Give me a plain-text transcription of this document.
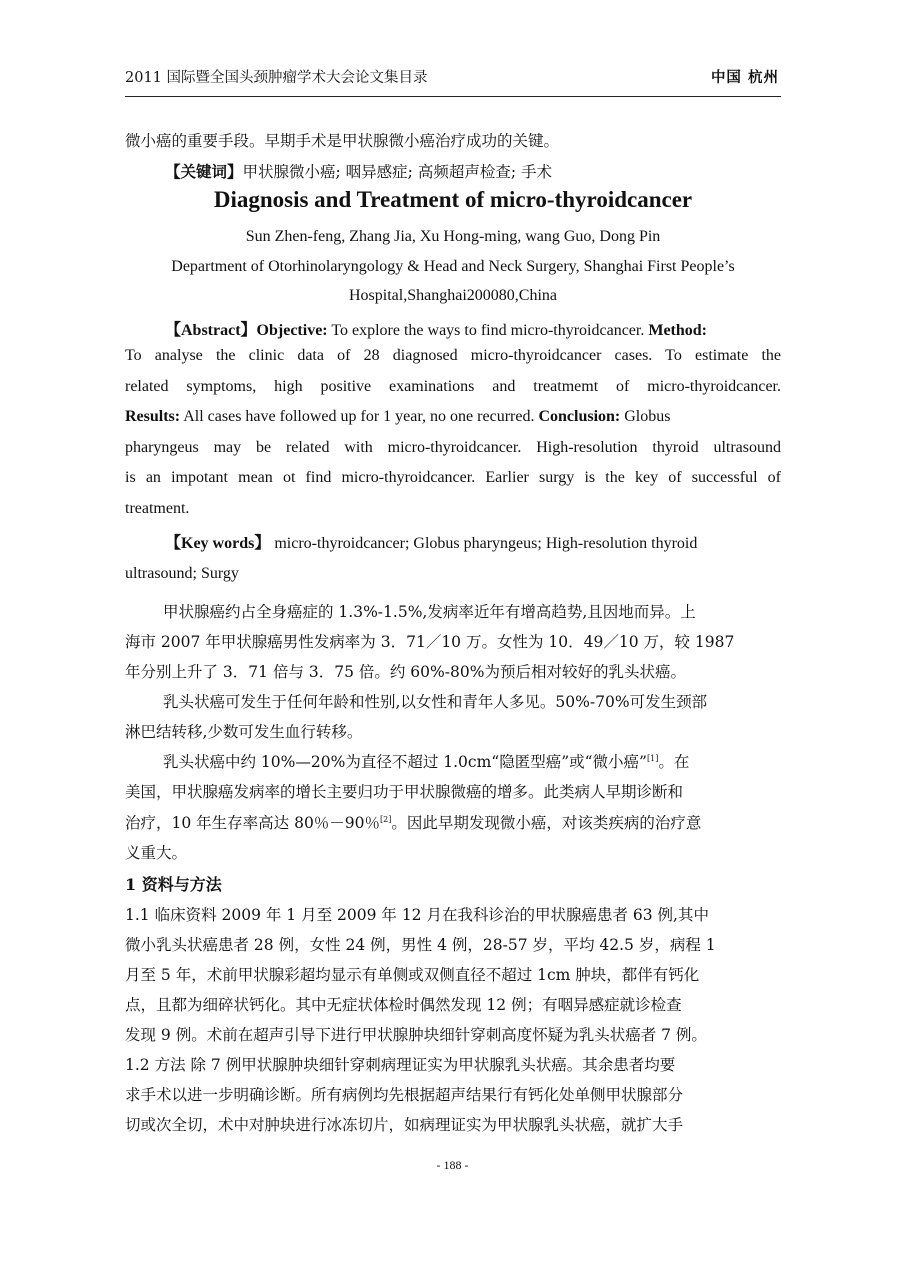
2011 国际暨全国头颈肿瘤学术大会论文集目录	中国 杭州
微小癌的重要手段。早期手术是甲状腺微小癌治疗成功的关键。
【关键词】甲状腺微小癌; 咽异感症; 高频超声检查; 手术
Diagnosis and Treatment of micro-thyroidcancer
Sun Zhen-feng, Zhang Jia, Xu Hong-ming, wang Guo, Dong Pin
Department of Otorhinolaryngology & Head and Neck Surgery, Shanghai First People’s
Hospital,Shanghai200080,China
【Abstract】Objective: To explore the ways to find micro-thyroidcancer. Method:
To analyse the clinic data of 28 diagnosed micro-thyroidcancer cases. To estimate the
related symptoms, high positive examinations and treatmemt of micro-thyroidcancer.
Results: All cases have followed up for 1 year, no one recurred. Conclusion: Globus
pharyngeus may be related with micro-thyroidcancer. High-resolution thyroid ultrasound
is an impotant mean ot find micro-thyroidcancer. Earlier surgy is the key of successful of
treatment.
【Key words】 micro-thyroidcancer; Globus pharyngeus; High-resolution thyroid
ultrasound; Surgy
甲状腺癌约占全身癌症的 1.3%-1.5%,发病率近年有增高趋势,且因地而异。上
海市 2007 年甲状腺癌男性发病率为 3．71／10 万。女性为 10．49／10 万，较 1987
年分别上升了 3．71 倍与 3．75 倍。约 60%-80%为预后相对较好的乳头状癌。
乳头状癌可发生于任何年龄和性别,以女性和青年人多见。50%-70%可发生颈部
淋巴结转移,少数可发生血行转移。
乳头状癌中约 10%—20%为直径不超过 1.0cm“隐匿型癌”或“微小癌”[1]。在
美国，甲状腺癌发病率的增长主要归功于甲状腺微癌的增多。此类病人早期诊断和
治疗，10 年生存率高达 80％－90％[2]。因此早期发现微小癌，对该类疾病的治疗意
义重大。
1 资料与方法
1.1 临床资料 2009 年 1 月至 2009 年 12 月在我科诊治的甲状腺癌患者 63 例,其中
微小乳头状癌患者 28 例，女性 24 例，男性 4 例，28-57 岁，平均 42.5 岁，病程 1
月至 5 年，术前甲状腺彩超均显示有单侧或双侧直径不超过 1cm 肿块，都伴有钙化
点，且都为细碎状钙化。其中无症状体检时偶然发现 12 例；有咽异感症就诊检查
发现 9 例。术前在超声引导下进行甲状腺肿块细针穿刺高度怀疑为乳头状癌者 7 例。
1.2 方法 除 7 例甲状腺肿块细针穿刺病理证实为甲状腺乳头状癌。其余患者均要
求手术以进一步明确诊断。所有病例均先根据超声结果行有钙化处单侧甲状腺部分
切或次全切，术中对肿块进行冰冻切片，如病理证实为甲状腺乳头状癌，就扩大手
- 188 -
